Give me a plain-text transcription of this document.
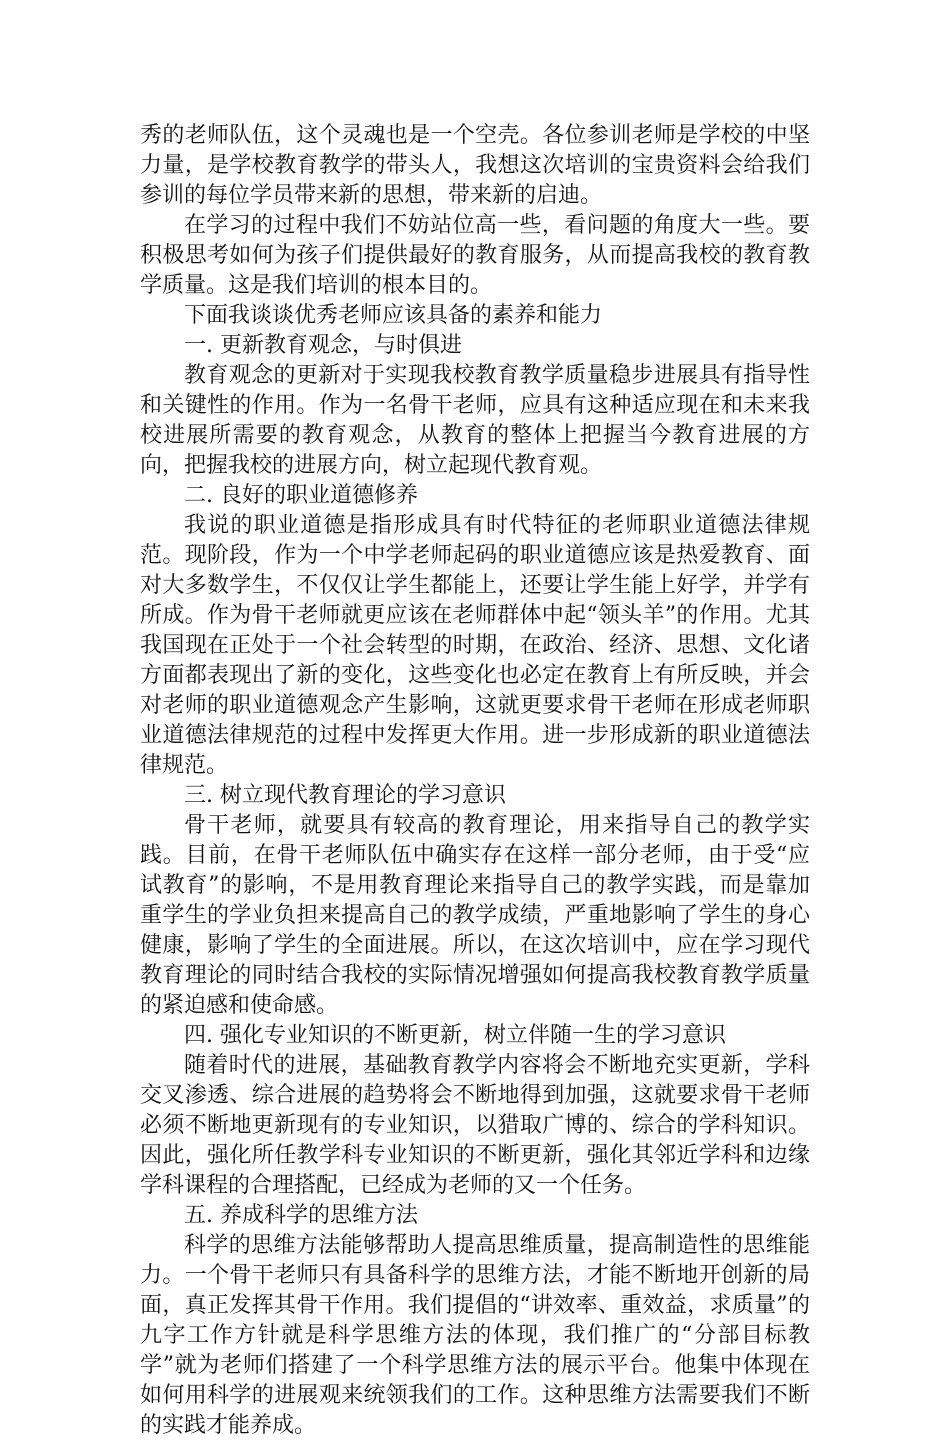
秀的老师队伍，这个灵魂也是一个空壳。各位参训老师是学校的中坚力量，是学校教育教学的带头人，我想这次培训的宝贵资料会给我们参训的每位学员带来新的思想，带来新的启迪。

在学习的过程中我们不妨站位高一些，看问题的角度大一些。要积极思考如何为孩子们提供最好的教育服务，从而提高我校的教育教学质量。这是我们培训的根本目的。

下面我谈谈优秀老师应该具备的素养和能力

一. 更新教育观念，与时俱进

教育观念的更新对于实现我校教育教学质量稳步进展具有指导性和关键性的作用。作为一名骨干老师，应具有这种适应现在和未来我校进展所需要的教育观念，从教育的整体上把握当今教育进展的方向，把握我校的进展方向，树立起现代教育观。

二. 良好的职业道德修养

我说的职业道德是指形成具有时代特征的老师职业道德法律规范。现阶段，作为一个中学老师起码的职业道德应该是热爱教育、面对大多数学生，不仅仅让学生都能上，还要让学生能上好学，并学有所成。作为骨干老师就更应该在老师群体中起“领头羊”的作用。尤其我国现在正处于一个社会转型的时期，在政治、经济、思想、文化诸方面都表现出了新的变化，这些变化也必定在教育上有所反映，并会对老师的职业道德观念产生影响，这就更要求骨干老师在形成老师职业道德法律规范的过程中发挥更大作用。进一步形成新的职业道德法律规范。

三. 树立现代教育理论的学习意识

骨干老师，就要具有较高的教育理论，用来指导自己的教学实践。目前，在骨干老师队伍中确实存在这样一部分老师，由于受“应试教育”的影响，不是用教育理论来指导自己的教学实践，而是靠加重学生的学业负担来提高自己的教学成绩，严重地影响了学生的身心健康，影响了学生的全面进展。所以，在这次培训中，应在学习现代教育理论的同时结合我校的实际情况增强如何提高我校教育教学质量的紧迫感和使命感。

四. 强化专业知识的不断更新，树立伴随一生的学习意识

随着时代的进展，基础教育教学内容将会不断地充实更新，学科交叉渗透、综合进展的趋势将会不断地得到加强，这就要求骨干老师必须不断地更新现有的专业知识，以猎取广博的、综合的学科知识。因此，强化所任教学科专业知识的不断更新，强化其邻近学科和边缘学科课程的合理搭配，已经成为老师的又一个任务。

五. 养成科学的思维方法

科学的思维方法能够帮助人提高思维质量，提高制造性的思维能力。一个骨干老师只有具备科学的思维方法，才能不断地开创新的局面，真正发挥其骨干作用。我们提倡的“讲效率、重效益，求质量”的九字工作方针就是科学思维方法的体现，我们推广的“分部目标教学”就为老师们搭建了一个科学思维方法的展示平台。他集中体现在如何用科学的进展观来统领我们的工作。这种思维方法需要我们不断的实践才能养成。
